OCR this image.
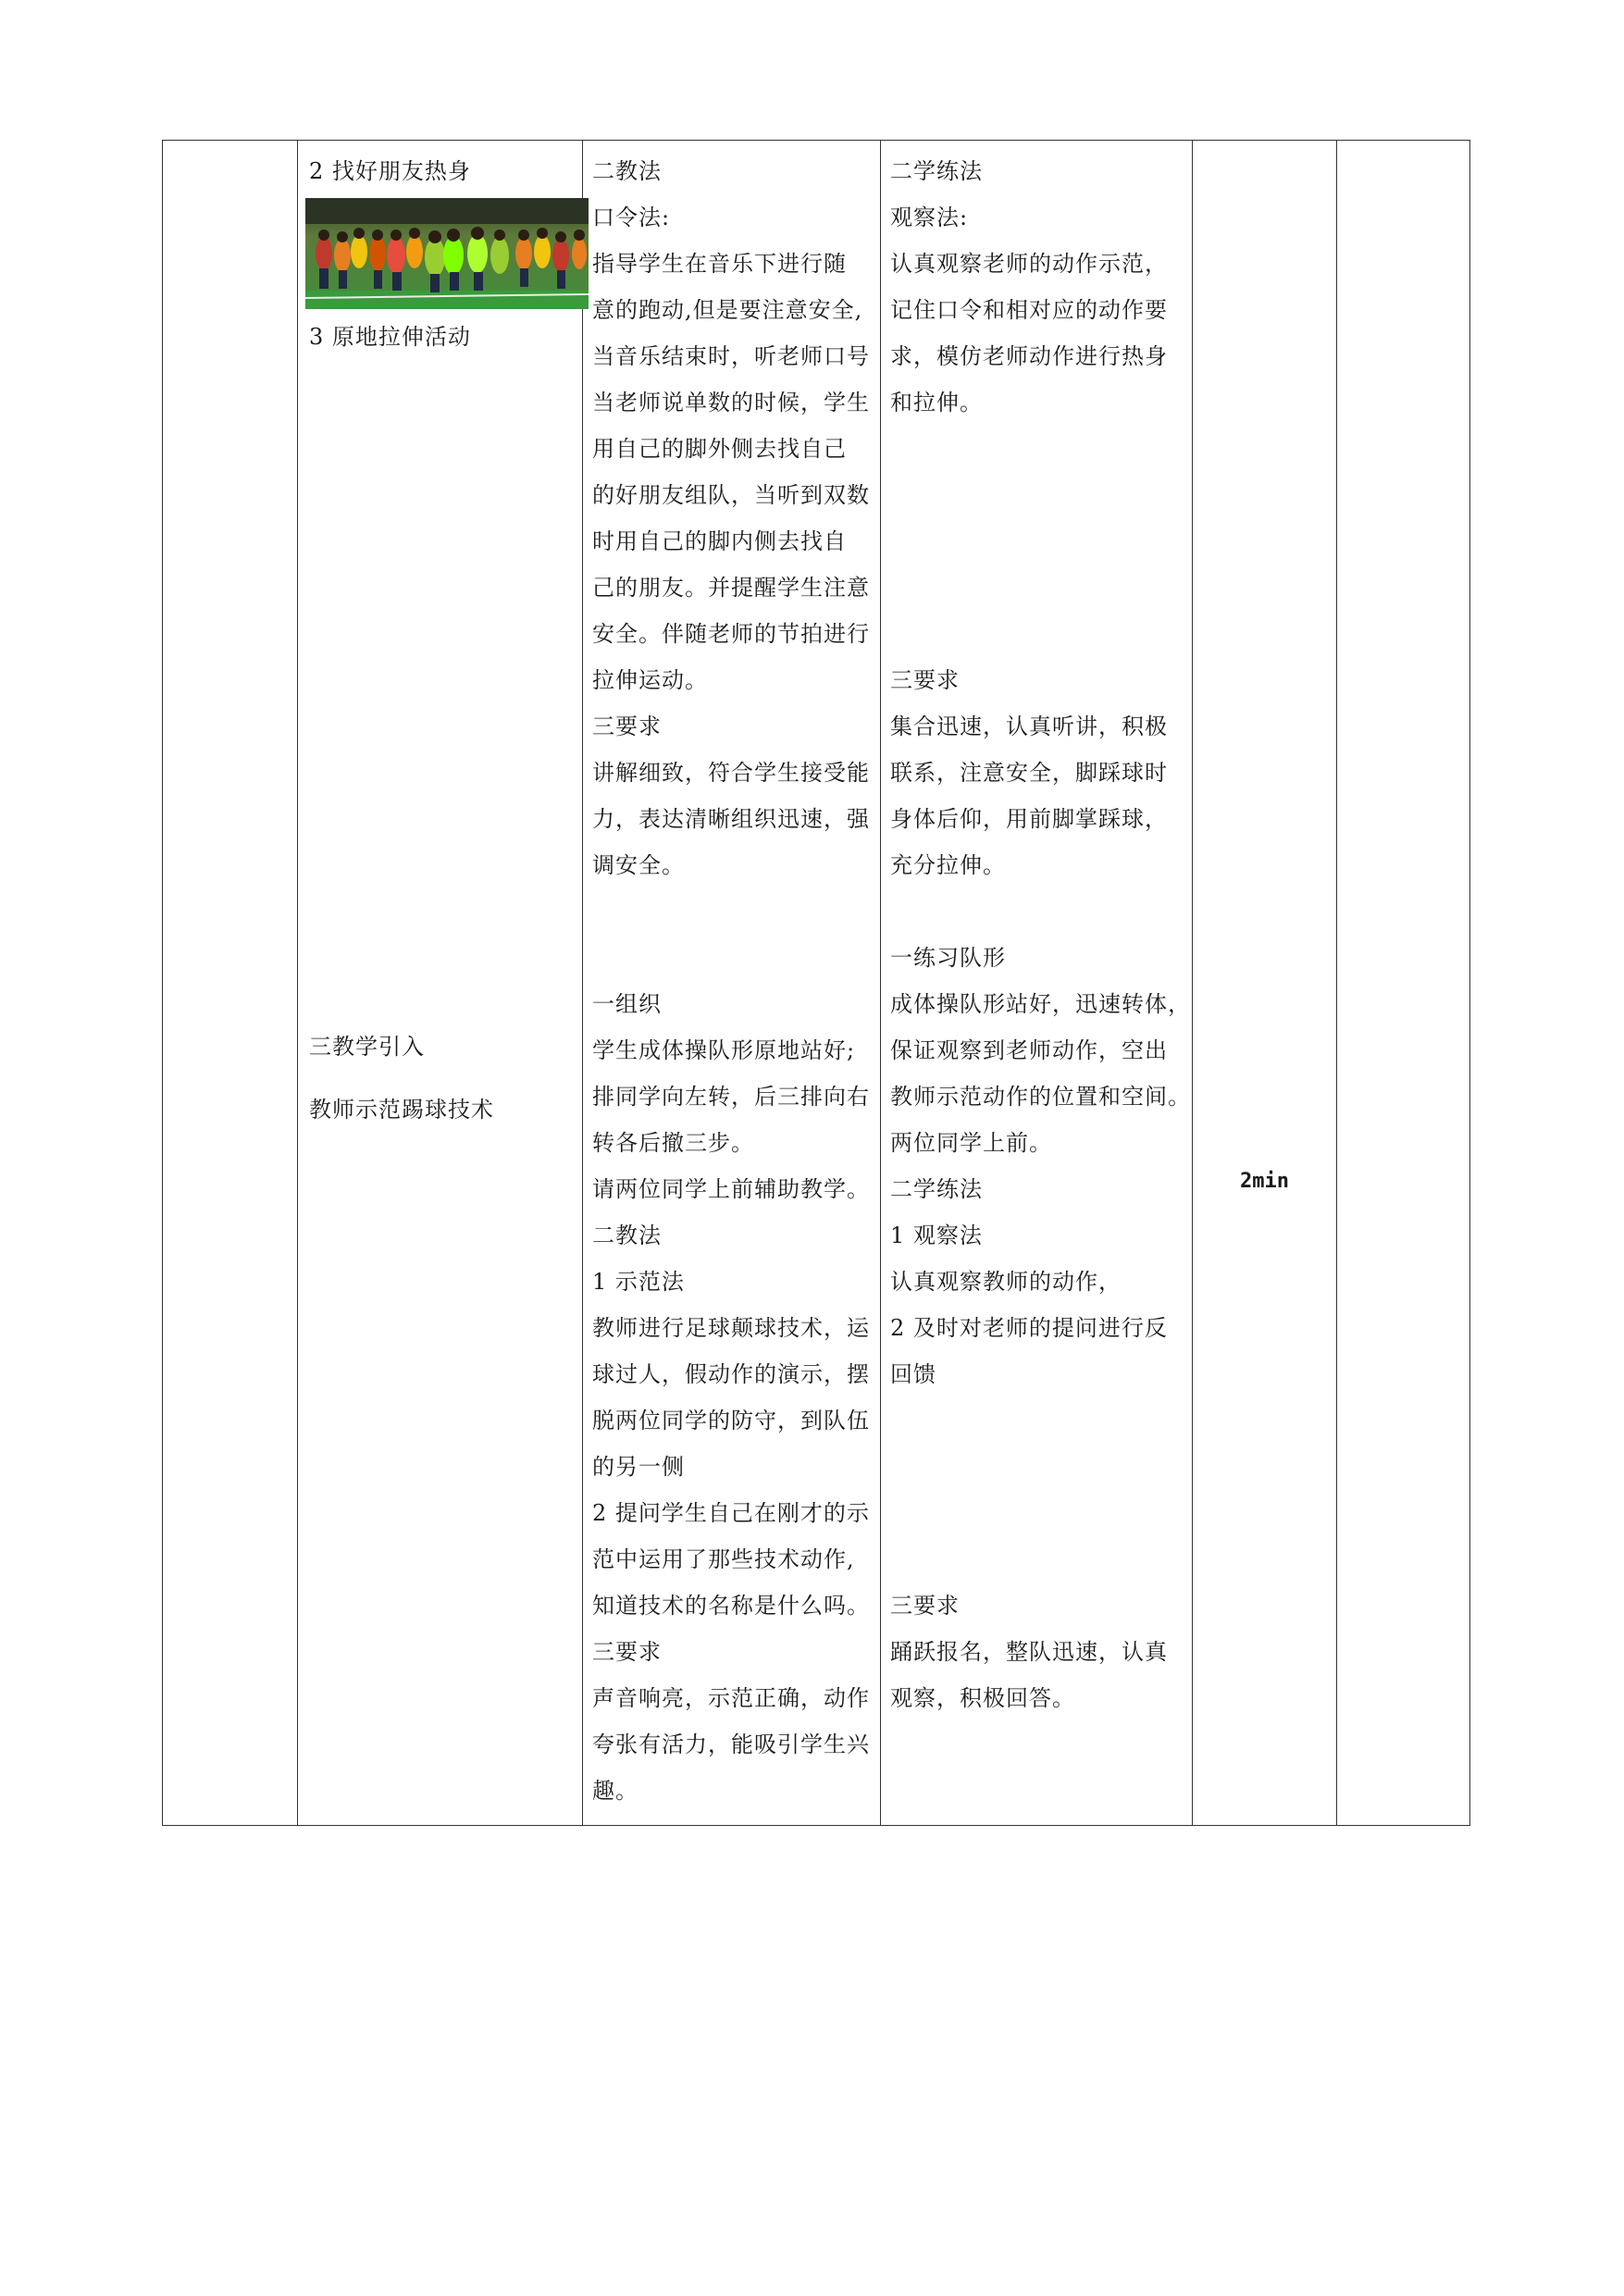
2 找好朋友热身
3 原地拉伸活动

三教学引入

教师示范踢球技术

二教法
口令法:
指导学生在音乐下进行随
意的跑动,但是要注意安全,
当音乐结束时，听老师口号
当老师说单数的时候，学生
用自己的脚外侧去找自己
的好朋友组队，当听到双数
时用自己的脚内侧去找自
己的朋友。并提醒学生注意
安全。伴随老师的节拍进行
拉伸运动。
三要求
讲解细致，符合学生接受能
力，表达清晰组织迅速，强
调安全。
一组织
学生成体操队形原地站好;
排同学向左转，后三排向右
转各后撤三步。
请两位同学上前辅助教学。
二教法
1 示范法
教师进行足球颠球技术，运
球过人，假动作的演示，摆
脱两位同学的防守，到队伍
的另一侧
2 提问学生自己在刚才的示
范中运用了那些技术动作,
知道技术的名称是什么吗。
三要求
声音响亮，示范正确，动作
夸张有活力，能吸引学生兴
趣。
二学练法
观察法:
认真观察老师的动作示范，
记住口令和相对应的动作要
求，模仿老师动作进行热身
和拉伸。
三要求
集合迅速，认真听讲，积极
联系，注意安全，脚踩球时
身体后仰，用前脚掌踩球，
充分拉伸。
一练习队形
成体操队形站好，迅速转体，
保证观察到老师动作，空出
教师示范动作的位置和空间。
两位同学上前。
二学练法
1 观察法
认真观察教师的动作，
2 及时对老师的提问进行反
回馈
三要求
踊跃报名，整队迅速，认真
观察，积极回答。
2min
